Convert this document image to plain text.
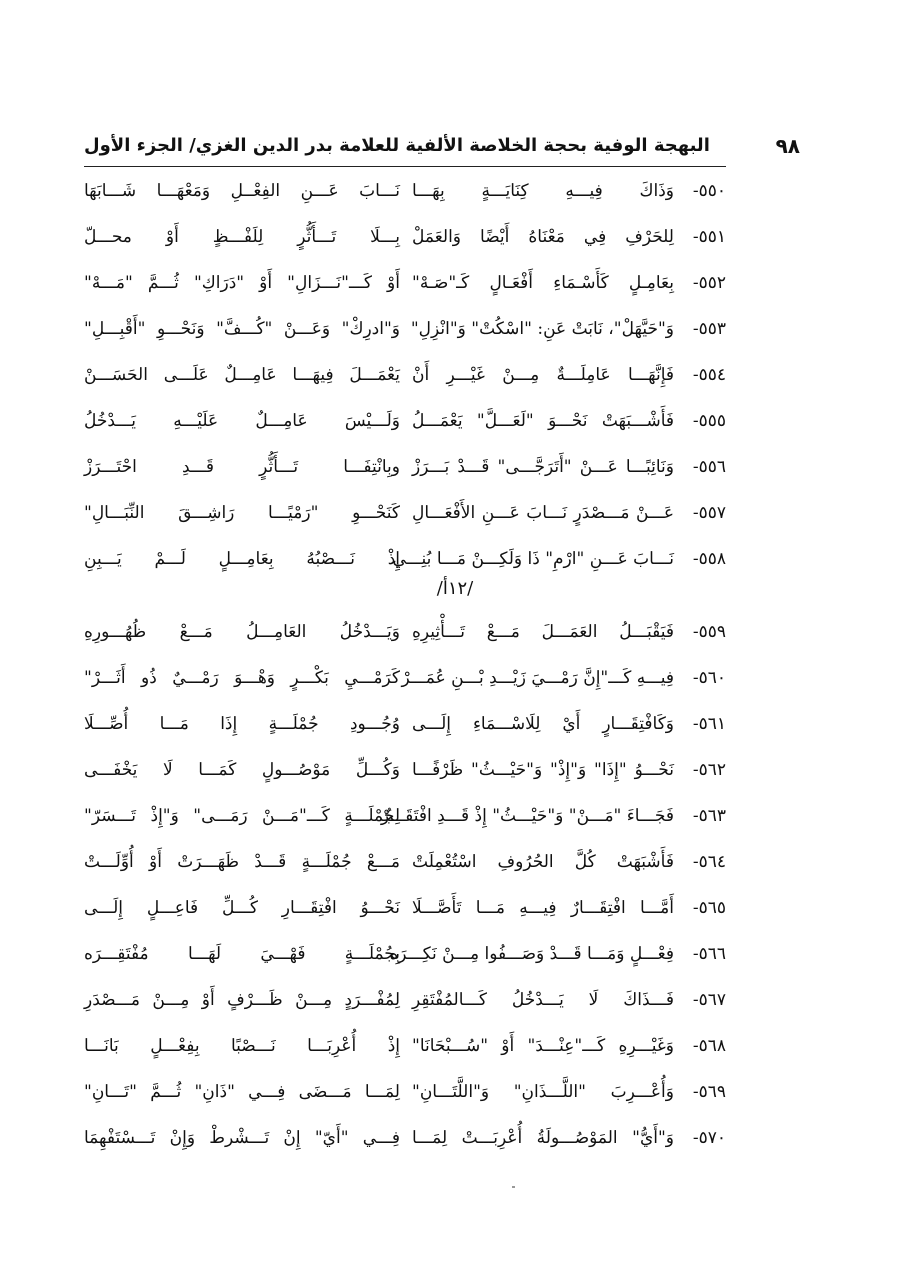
البهجة الوفية بحجة الخلاصة الألفية للعلامة بدر الدين الغزي/ الجزء الأول	٩٨
٥٥٠-
وَذَاكَ فِيـــهِ كِنَايَـــةٍ بِهَـــا
نَـــابَ عَـــنِ الفِعْــلِ وَمَعْهَـــا شَـــابَهَا
٥٥١-
لِلحَرْفِ فِي مَعْنَاهُ أَيْضًا وَالعَمَلْ
بِـــلَا تَـــأَثُّرٍ لِلَفْـــظٍ أَوْ محـــلّ
٥٥٢-
بِعَامِـلٍ كَأَسْـمَاءِ أَفْعَـالٍ كَـ"صَـهْ"
أَوْ كَـــ"نَـــزَالِ" أَوْ "دَرَاكِ" ثُـــمَّ "مَـــهْ"
٥٥٣-
وَ"حَيَّهَلْ"، نَابَتْ عَنِ: "اسْكُتْ" وَ"انْزِلِ"
وَ"ادرِكْ" وَعَـــنْ "كُـــفَّ" وَنَحْـــوِ "أَقْبِـــلِ"
٥٥٤-
فَإِنَّهَـــا عَامِلَـــةٌ مِـــنْ غَيْـــرِ أَنْ
يَعْمَـــلَ فِيهَـــا عَامِـــلٌ عَلَـــى الحَسَـــنْ
٥٥٥-
فَأَشْـــبَهَتْ نَحْـــوَ "لَعَـــلَّ" يَعْمَـــلُ
وَلَـــيْسَ عَامِـــلٌ عَلَيْـــهِ يَـــدْخُلُ
٥٥٦-
وَنَائِبًـــا عَـــنْ "أَتَرَجَّـــى" قَـــدْ بَـــرَزْ
وبِانْتِفَـــا تَـــأَثُّرٍ قَـــدِ احْتَـــرَزْ
٥٥٧-
عَـــنْ مَـــصْدَرٍ نَـــابَ عَـــنِ الأَفْعَـــالِ
كَنَحْـــوِ "رَمْيًـــا رَاشِـــقَ النِّبَـــالِ"
٥٥٨-
نَـــابَ عَـــنِ "ارْمِ" ذَا وَلَكِـــنْ مَـــا بُنِـــي
إِذْ نَـــصْبُهُ بِعَامِـــلٍ لَـــمْ يَـــبِنِ
/١٢أ/
٥٥٩-
فَيَقْبَـــلُ العَمَـــلَ مَـــعْ تَـــأْثِيرِهِ
وَيَـــدْخُلُ العَامِـــلُ مَـــعْ ظُهُـــورِهِ
٥٦٠-
فِيـــهِ كَـــ"إِنَّ رَمْـــيَ زَيْـــدِ بْـــنِ عُمَـــرْ
كَرَمْـــيِ بَكْـــرٍ وَهْـــوَ رَمْـــيٌ ذُو أَثَـــرْ"
٥٦١-
وَكَافْتِقَـــارٍ أَيْ لِلَاسْـــمَاءِ إِلَـــى
وُجُـــودِ جُمْلَـــةٍ إِذَا مَـــا أُصِّـــلَا
٥٦٢-
نَحْـــوُ "إِذَا" وَ"إِذْ" وَ"حَيْـــثُ" ظَرْفًـــا
وَكُـــلِّ مَوْصُـــولٍ كَمَـــا لَا يَخْفَـــى
٥٦٣-
فَجَـــاءَ "مَـــنْ" وَ"حَيْـــثُ" إِذْ قَـــدِ افْتَقَـــرْ
لِجُمْلَـــةٍ كَـــ"مَـــنْ رَمَـــى" وَ"إِذْ تَـــسَرّ"
٥٦٤-
فَأَشْبَهَتْ كُلَّ الحُرُوفِ اسْتُعْمِلَتْ
مَـــعْ جُمْلَـــةٍ قَـــدْ ظَهَـــرَتْ أَوْ أُوِّلَـــتْ
٥٦٥-
أَمَّـــا افْتِقَـــارٌ فِيـــهِ مَـــا تَأَصَّـــلَا
نَحْـــوُ افْتِقَـــارِ كُـــلِّ فَاعِـــلٍ إِلَـــى
٥٦٦-
فِعْـــلٍ وَمَـــا قَـــدْ وَصَـــفُوا مِـــنْ نَكِـــرَه
بِجُمْلَـــةٍ فَهْـــيَ لَهَـــا مُفْتَقِـــرَه
٥٦٧-
فَـــذَاكَ لَا يَـــدْخُلُ كَـــالمُفْتَقِرِ
لِمُفْـــرَدٍ مِـــنْ ظَـــرْفٍ أَوْ مِـــنْ مَـــصْدَرِ
٥٦٨-
وَغَيْـــرِهِ كَـــ"عِنْـــدَ" أَوْ "سُـــبْحَانَا"
إِذْ أُعْرِبَـــا نَـــصْبًا بِفِعْـــلٍ بَانَـــا
٥٦٩-
وَأُعْـــرِبَ "اللَّـــذَانِ" وَ"اللَّتَـــانِ"
لِمَـــا مَـــضَى فِـــي "ذَانِ" ثُـــمَّ "تَـــانِ"
٥٧٠-
وَ"أَيُّ" المَوْصُـــولَةُ أُعْرِبَـــتْ لِمَـــا
فِـــي "أَيّ" إِنْ تَـــشْرطْ وَإِنْ تَـــسْتَفْهِمَا
